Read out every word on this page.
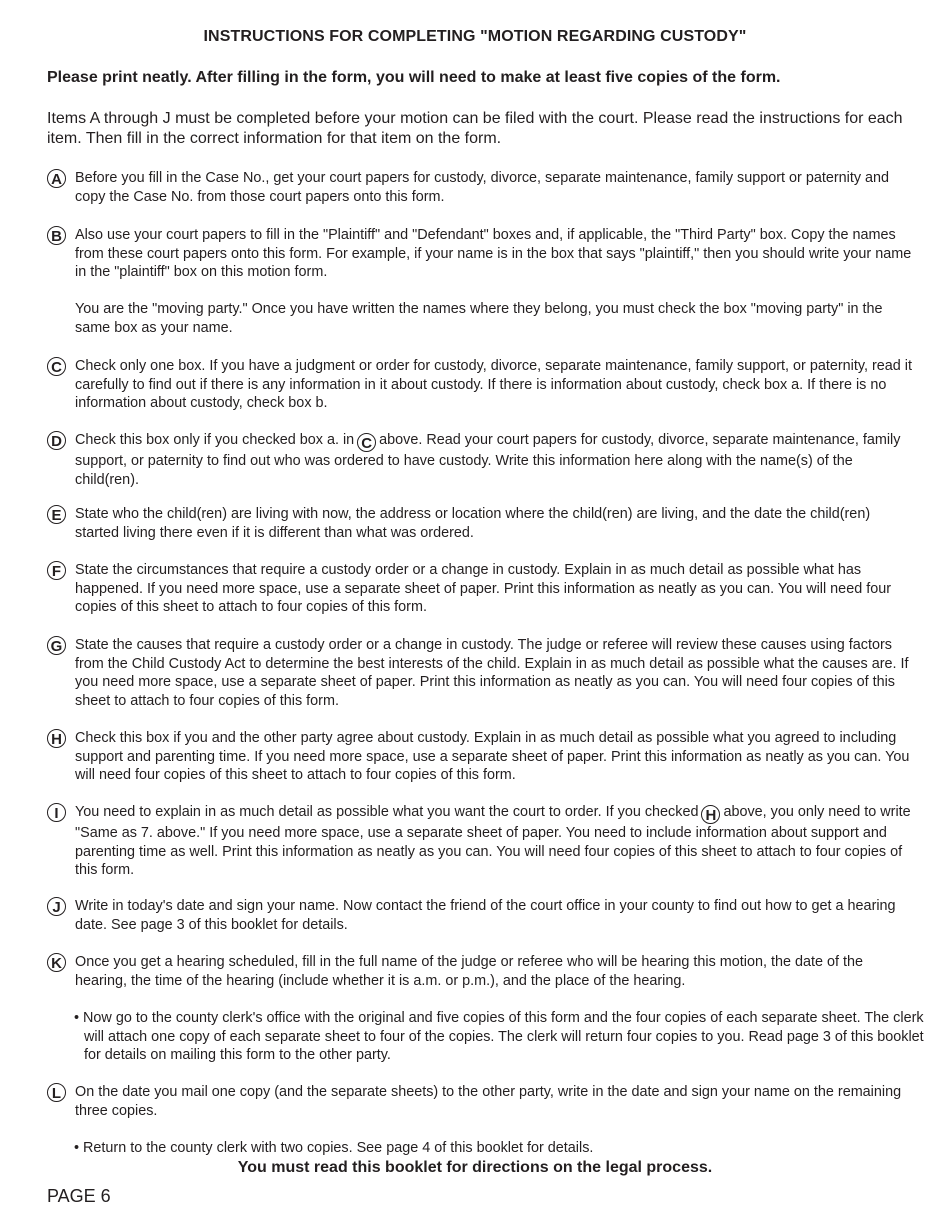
INSTRUCTIONS FOR COMPLETING "MOTION REGARDING CUSTODY"
Please print neatly. After filling in the form, you will need to make at least five copies of the form.
Items A through J must be completed before your motion can be filed with the court. Please read the instructions for each item. Then fill in the correct information for that item on the form.
A Before you fill in the Case No., get your court papers for custody, divorce, separate maintenance, family support or paternity and copy the Case No. from those court papers onto this form.
B Also use your court papers to fill in the "Plaintiff" and "Defendant" boxes and, if applicable, the "Third Party" box. Copy the names from these court papers onto this form. For example, if your name is in the box that says "plaintiff," then you should write your name in the "plaintiff" box on this motion form.
You are the "moving party." Once you have written the names where they belong, you must check the box "moving party" in the same box as your name.
C Check only one box. If you have a judgment or order for custody, divorce, separate maintenance, family support, or paternity, read it carefully to find out if there is any information in it about custody. If there is information about custody, check box a. If there is no information about custody, check box b.
D Check this box only if you checked box a. in C above. Read your court papers for custody, divorce, separate maintenance, family support, or paternity to find out who was ordered to have custody. Write this information here along with the name(s) of the child(ren).
E State who the child(ren) are living with now, the address or location where the child(ren) are living, and the date the child(ren) started living there even if it is different than what was ordered.
F State the circumstances that require a custody order or a change in custody. Explain in as much detail as possible what has happened. If you need more space, use a separate sheet of paper. Print this information as neatly as you can. You will need four copies of this sheet to attach to four copies of this form.
G State the causes that require a custody order or a change in custody. The judge or referee will review these causes using factors from the Child Custody Act to determine the best interests of the child. Explain in as much detail as possible what the causes are. If you need more space, use a separate sheet of paper. Print this information as neatly as you can. You will need four copies of this sheet to attach to four copies of this form.
H Check this box if you and the other party agree about custody. Explain in as much detail as possible what you agreed to including support and parenting time. If you need more space, use a separate sheet of paper. Print this information as neatly as you can. You will need four copies of this sheet to attach to four copies of this form.
I	You need to explain in as much detail as possible what you want the court to order. If you checked H above, you only need to write "Same as 7. above." If you need more space, use a separate sheet of paper. You need to include information about support and parenting time as well. Print this information as neatly as you can. You will need four copies of this sheet to attach to four copies of this form.
J Write in today's date and sign your name. Now contact the friend of the court office in your county to find out how to get a hearing date. See page 3 of this booklet for details.
K Once you get a hearing scheduled, fill in the full name of the judge or referee who will be hearing this motion, the date of the hearing, the time of the hearing (include whether it is a.m. or p.m.), and the place of the hearing.
• Now go to the county clerk's office with the original and five copies of this form and the four copies of each separate sheet. The clerk will attach one copy of each separate sheet to four of the copies. The clerk will return four copies to you. Read page 3 of this booklet for details on mailing this form to the other party.
L On the date you mail one copy (and the separate sheets) to the other party, write in the date and sign your name on the remaining three copies.
• Return to the county clerk with two copies. See page 4 of this booklet for details.
You must read this booklet for directions on the legal process.
PAGE 6
